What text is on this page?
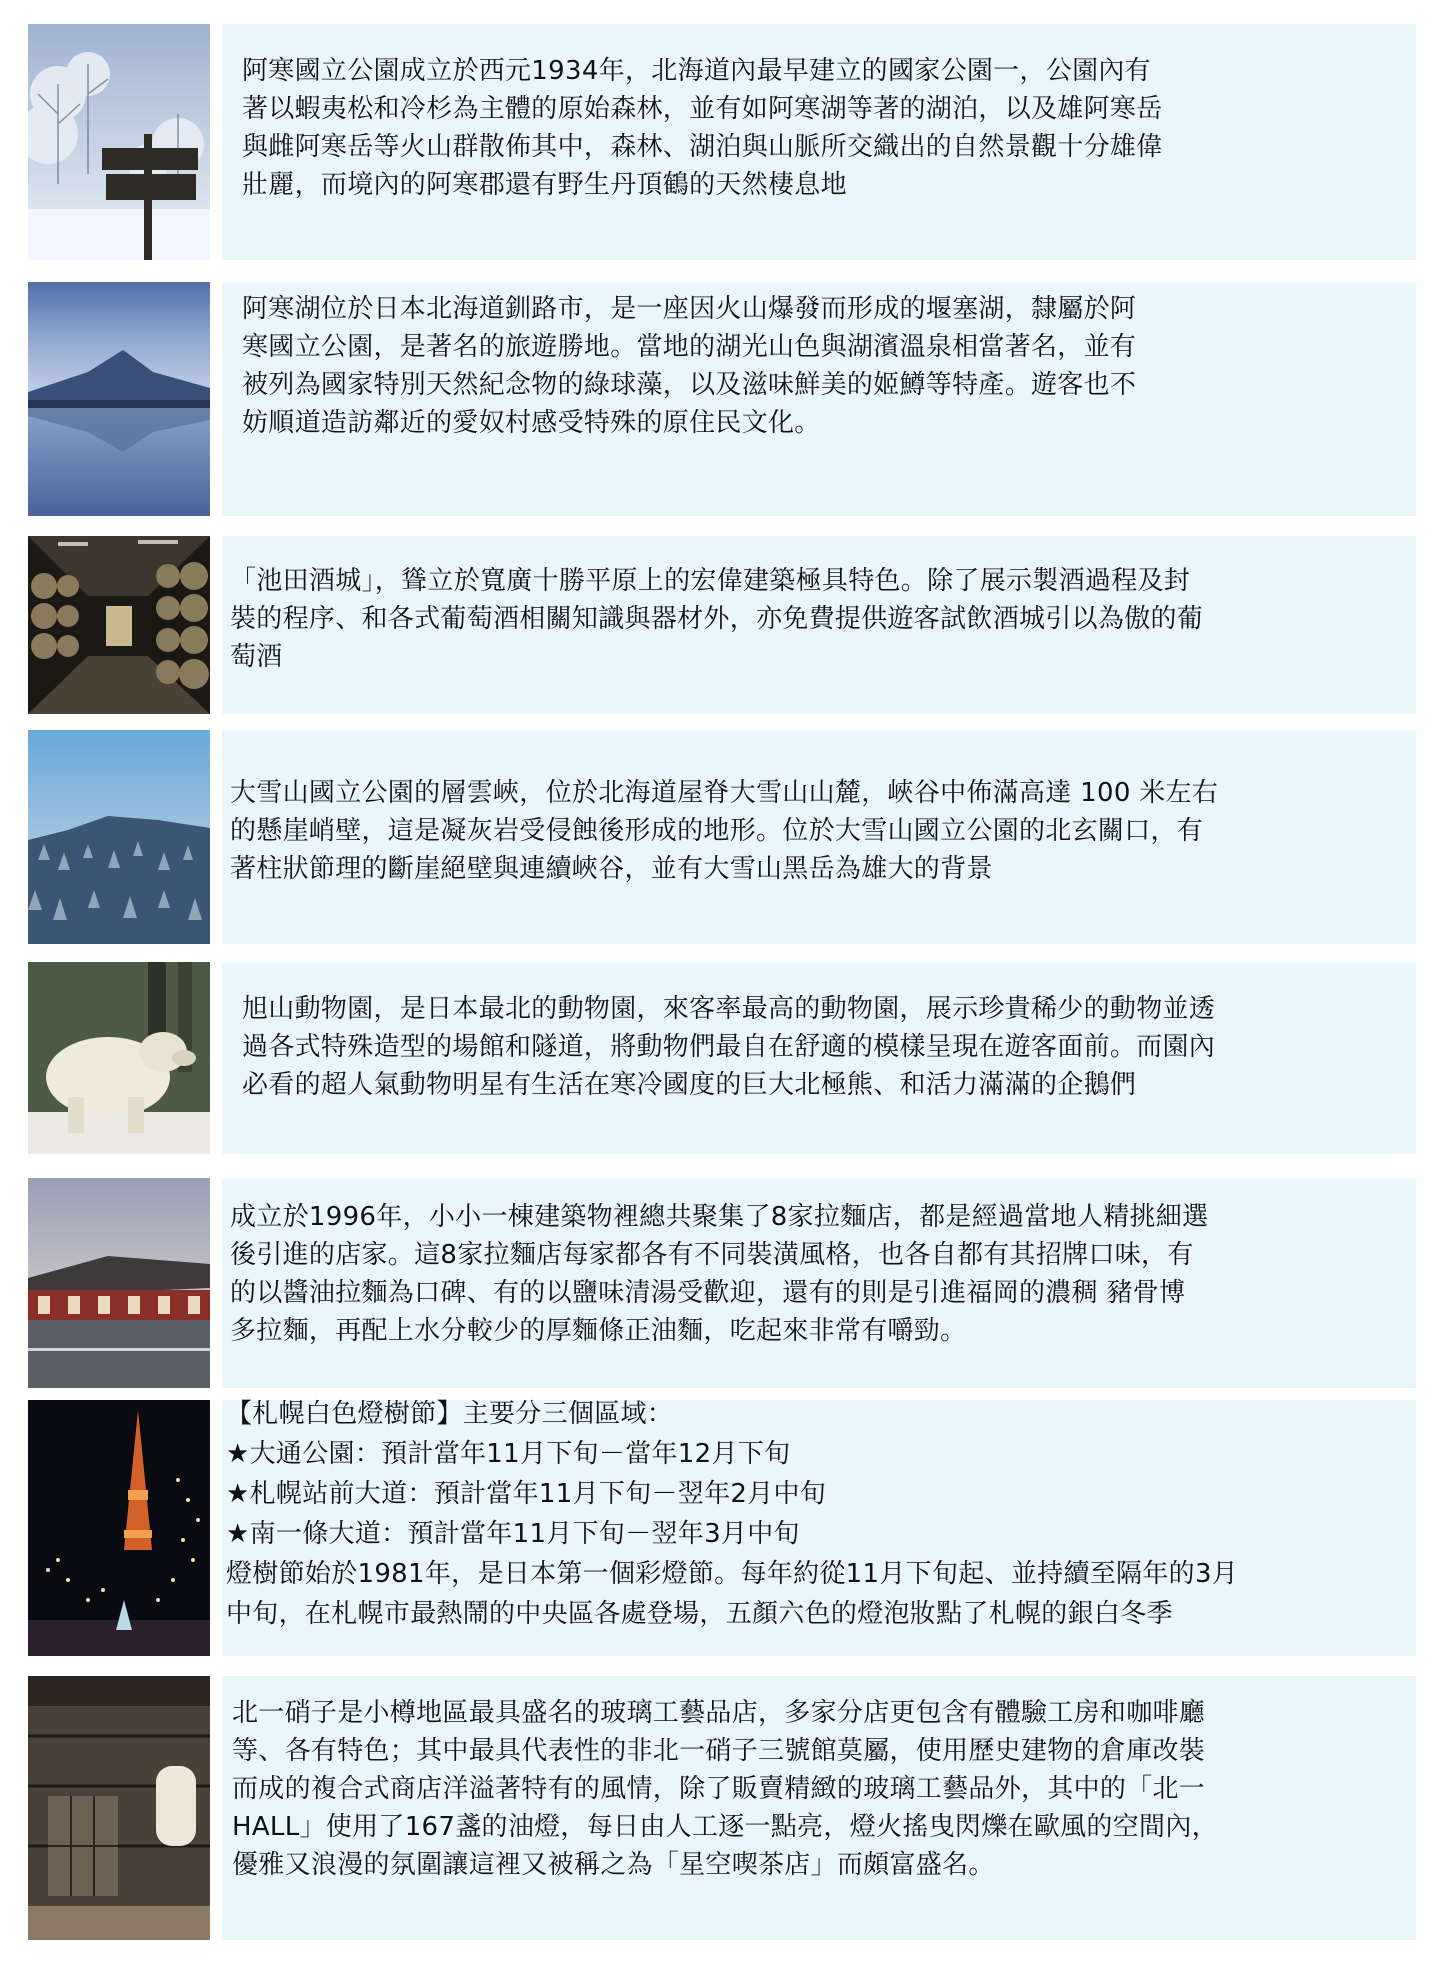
阿寒國立公園成立於西元1934年，北海道內最早建立的國家公園一，公園內有
著以蝦夷松和冷杉為主體的原始森林，並有如阿寒湖等著的湖泊，以及雄阿寒岳
與雌阿寒岳等火山群散佈其中，森林、湖泊與山脈所交織出的自然景觀十分雄偉
壯麗，而境內的阿寒郡還有野生丹頂鶴的天然棲息地

阿寒湖位於日本北海道釧路市，是一座因火山爆發而形成的堰塞湖，隸屬於阿
寒國立公園，是著名的旅遊勝地。當地的湖光山色與湖濱溫泉相當著名，並有
被列為國家特別天然紀念物的綠球藻，以及滋味鮮美的姬鱒等特產。遊客也不
妨順道造訪鄰近的愛奴村感受特殊的原住民文化。

「池田酒城」，聳立於寬廣十勝平原上的宏偉建築極具特色。除了展示製酒過程及封
裝的程序、和各式葡萄酒相關知識與器材外，亦免費提供遊客試飲酒城引以為傲的葡
萄酒

大雪山國立公園的層雲峽，位於北海道屋脊大雪山山麓，峽谷中佈滿高達 100 米左右
的懸崖峭壁，這是凝灰岩受侵蝕後形成的地形。位於大雪山國立公園的北玄關口，有
著柱狀節理的斷崖絕壁與連續峽谷，並有大雪山黑岳為雄大的背景

旭山動物園，是日本最北的動物園，來客率最高的動物園，展示珍貴稀少的動物並透
過各式特殊造型的場館和隧道，將動物們最自在舒適的模樣呈現在遊客面前。而園內
必看的超人氣動物明星有生活在寒冷國度的巨大北極熊、和活力滿滿的企鵝們

成立於1996年，小小一棟建築物裡總共聚集了8家拉麵店，都是經過當地人精挑細選
後引進的店家。這8家拉麵店每家都各有不同裝潢風格，也各自都有其招牌口味，有
的以醬油拉麵為口碑、有的以鹽味清湯受歡迎，還有的則是引進福岡的濃稠 豬骨博
多拉麵，再配上水分較少的厚麵條正油麵，吃起來非常有嚼勁。

【札幌白色燈樹節】主要分三個區域：
★大通公園：預計當年11月下旬－當年12月下旬
★札幌站前大道：預計當年11月下旬－翌年2月中旬
★南一條大道：預計當年11月下旬－翌年3月中旬
燈樹節始於1981年，是日本第一個彩燈節。每年約從11月下旬起、並持續至隔年的3月
中旬，在札幌市最熱鬧的中央區各處登場，五顏六色的燈泡妝點了札幌的銀白冬季

北一硝子是小樽地區最具盛名的玻璃工藝品店，多家分店更包含有體驗工房和咖啡廳
等、各有特色；其中最具代表性的非北一硝子三號館莫屬，使用歷史建物的倉庫改裝
而成的複合式商店洋溢著特有的風情，除了販賣精緻的玻璃工藝品外，其中的「北一
HALL」使用了167盞的油燈，每日由人工逐一點亮，燈火搖曳閃爍在歐風的空間內，
優雅又浪漫的氛圍讓這裡又被稱之為「星空喫茶店」而頗富盛名。
